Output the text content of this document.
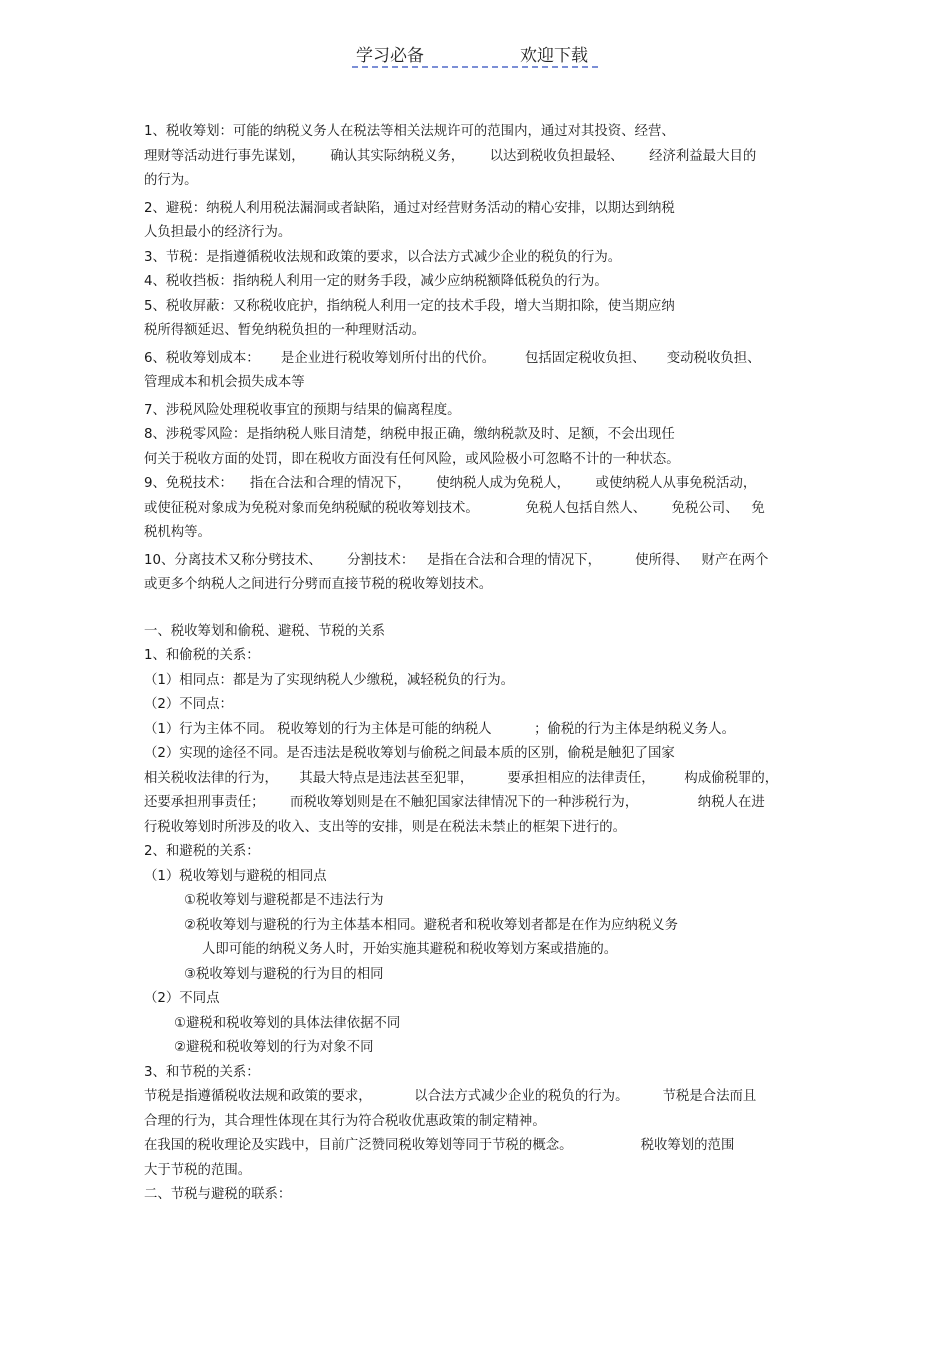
学习必备	欢迎下载

1、税收筹划：可能的纳税义务人在税法等相关法规许可的范围内，通过对其投资、经营、

理财等活动进行事先谋划，      确认其实际纳税义务，      以达到税收负担最轻、      经济利益最大目的

的行为。

2、避税：纳税人利用税法漏洞或者缺陷，通过对经营财务活动的精心安排，以期达到纳税

人负担最小的经济行为。

3、节税：是指遵循税收法规和政策的要求，以合法方式减少企业的税负的行为。

4、税收挡板：指纳税人利用一定的财务手段，减少应纳税额降低税负的行为。

5、税收屏蔽：又称税收庇护，指纳税人利用一定的技术手段，增大当期扣除，使当期应纳

税所得额延迟、暂免纳税负担的一种理财活动。

6、税收筹划成本：     是企业进行税收筹划所付出的代价。       包括固定税收负担、     变动税收负担、

管理成本和机会损失成本等

7、涉税风险处理税收事宜的预期与结果的偏离程度。

8、涉税零风险：是指纳税人账目清楚，纳税申报正确，缴纳税款及时、足额，不会出现任

何关于税收方面的处罚，即在税收方面没有任何风险，或风险极小可忽略不计的一种状态。

9、免税技术：    指在合法和合理的情况下，      使纳税人成为免税人，      或使纳税人从事免税活动，

或使征税对象成为免税对象而免纳税赋的税收筹划技术。           免税人包括自然人、      免税公司、   免

税机构等。

10、分离技术又称分劈技术、      分割技术：   是指在合法和合理的情况下，        使所得、   财产在两个

或更多个纳税人之间进行分劈而直接节税的税收筹划技术。

一、税收筹划和偷税、避税、节税的关系

1、和偷税的关系：

（1）相同点：都是为了实现纳税人少缴税，减轻税负的行为。

（2）不同点：

（1）行为主体不同。 税收筹划的行为主体是可能的纳税人          ；偷税的行为主体是纳税义务人。

（2）实现的途径不同。是否违法是税收筹划与偷税之间最本质的区别，偷税是触犯了国家

相关税收法律的行为，     其最大特点是违法甚至犯罪，        要承担相应的法律责任，       构成偷税罪的，

还要承担刑事责任；      而税收筹划则是在不触犯国家法律情况下的一种涉税行为，              纳税人在进

行税收筹划时所涉及的收入、支出等的安排，则是在税法未禁止的框架下进行的。

2、和避税的关系：

（1）税收筹划与避税的相同点

①税收筹划与避税都是不违法行为

②税收筹划与避税的行为主体基本相同。避税者和税收筹划者都是在作为应纳税义务

人即可能的纳税义务人时，开始实施其避税和税收筹划方案或措施的。

③税收筹划与避税的行为目的相同

（2）不同点

①避税和税收筹划的具体法律依据不同

②避税和税收筹划的行为对象不同

3、和节税的关系：

节税是指遵循税收法规和政策的要求，          以合法方式减少企业的税负的行为。        节税是合法而且

合理的行为，其合理性体现在其行为符合税收优惠政策的制定精神。

在我国的税收理论及实践中，目前广泛赞同税收筹划等同于节税的概念。                税收筹划的范围

大于节税的范围。

二、节税与避税的联系：
